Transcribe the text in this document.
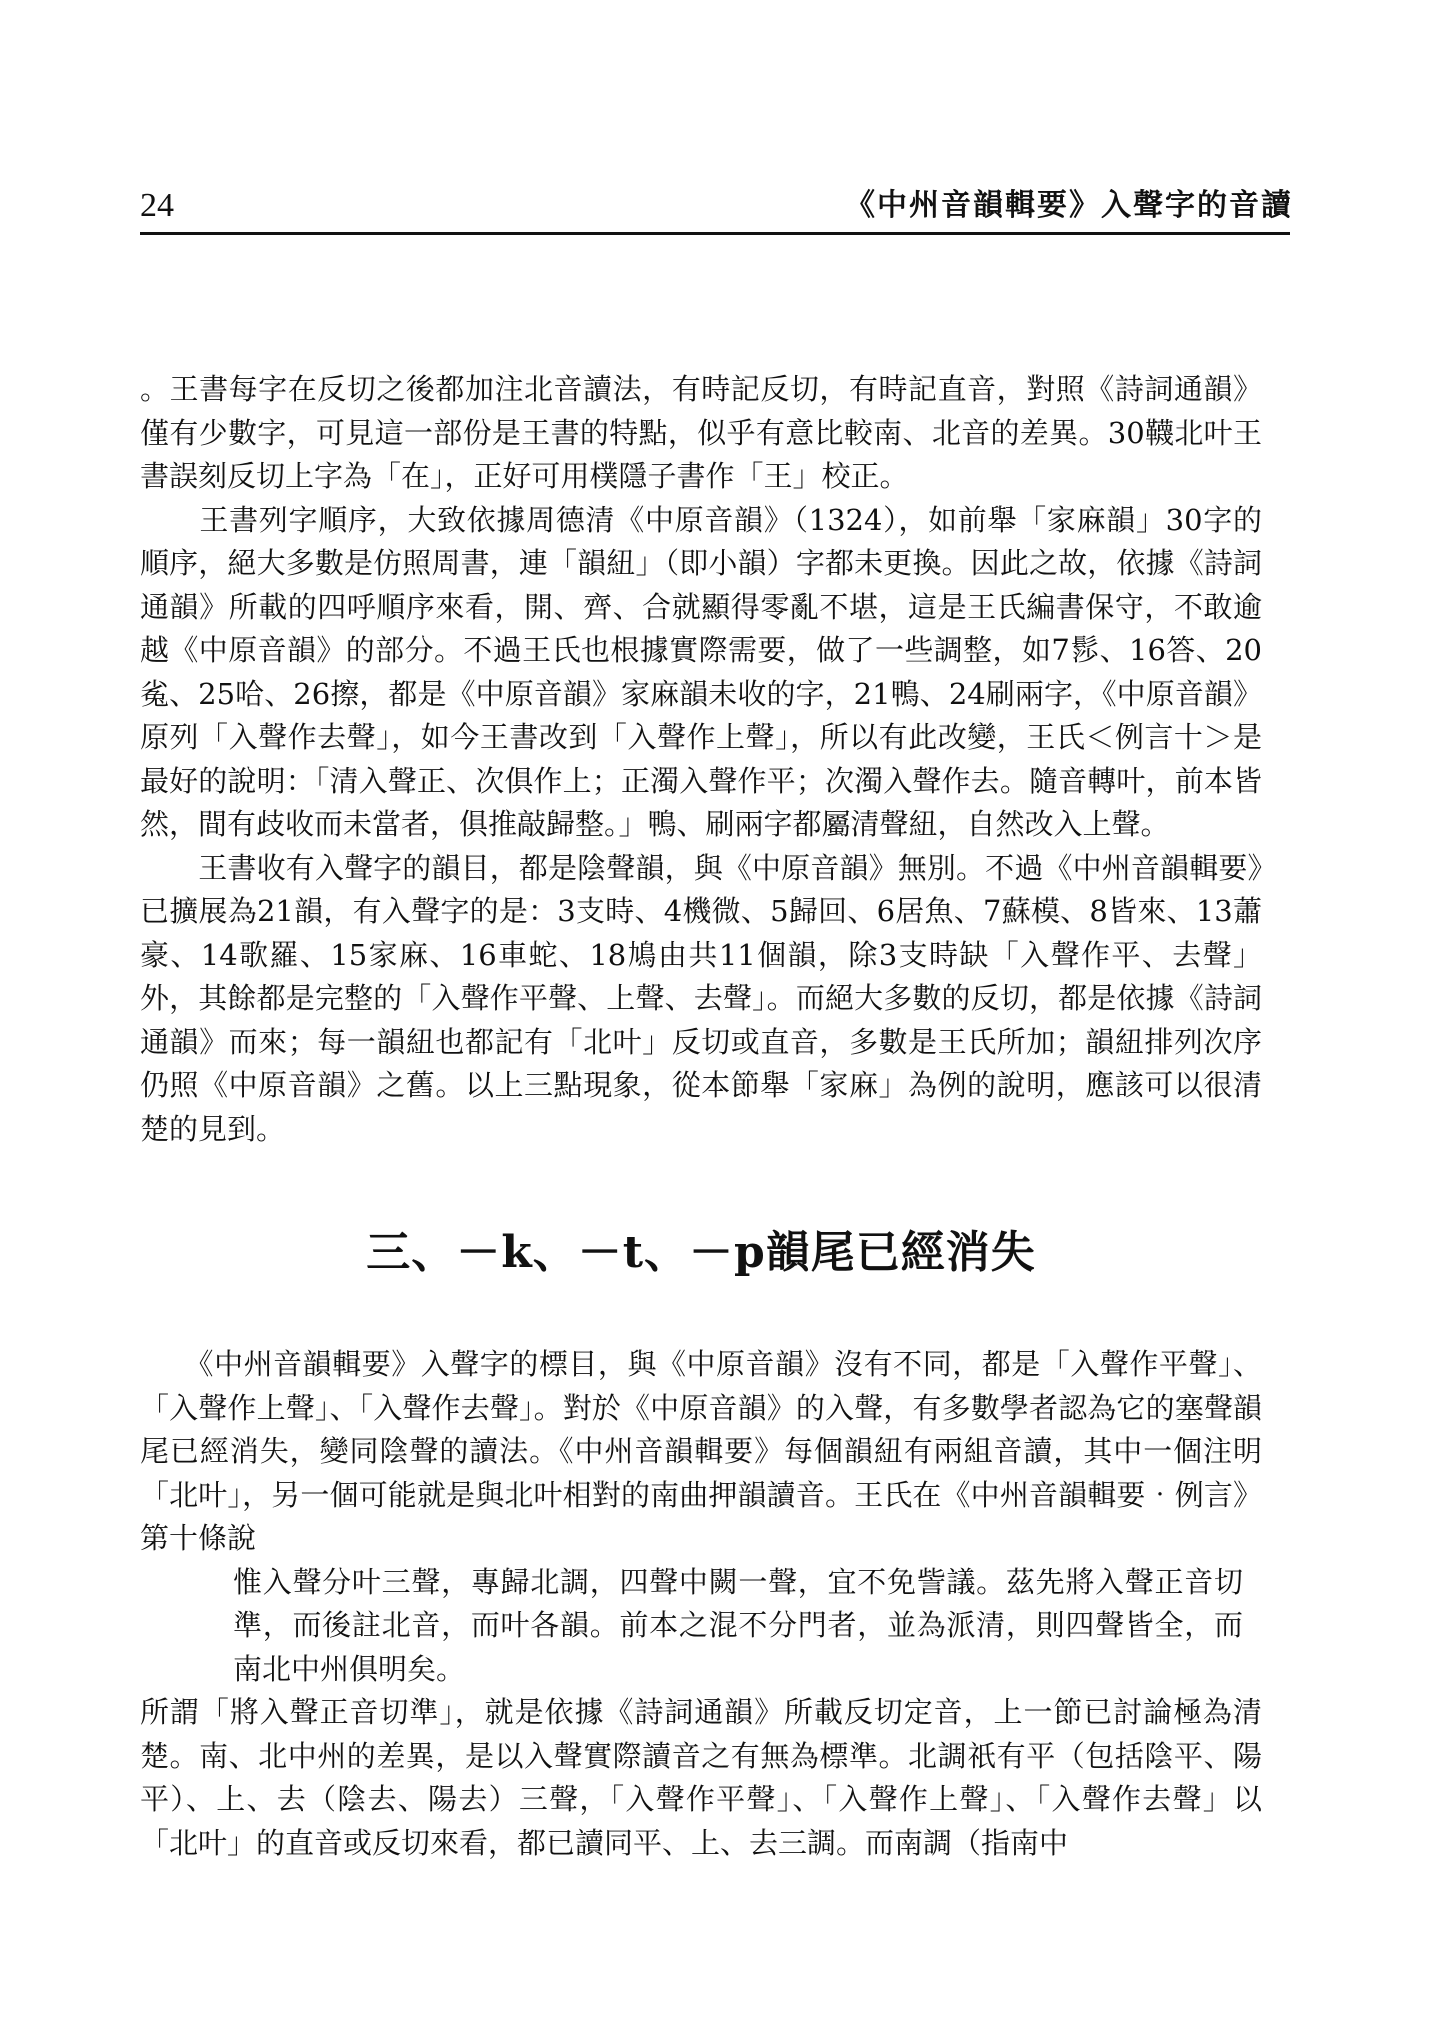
24	《中州音韻輯要》入聲字的音讀

。王書每字在反切之後都加注北音讀法，有時記反切，有時記直音，對照《詩詞通韻》僅有少數字，可見這一部份是王書的特點，似乎有意比較南、北音的差異。30韈北叶王書誤刻反切上字為「在」，正好可用樸隱子書作「王」校正。

　　王書列字順序，大致依據周德清《中原音韻》（1324），如前舉「家麻韻」30字的順序，絕大多數是仿照周書，連「韻紐」（即小韻）字都未更換。因此之故，依據《詩詞通韻》所載的四呼順序來看，開、齊、合就顯得零亂不堪，這是王氏編書保守，不敢逾越《中原音韻》的部分。不過王氏也根據實際需要，做了一些調整，如7髿、16答、20㝹、25哈、26擦，都是《中原音韻》家麻韻未收的字，21鴨、24刷兩字，《中原音韻》原列「入聲作去聲」，如今王書改到「入聲作上聲」，所以有此改變，王氏＜例言十＞是最好的說明：「清入聲正、次俱作上；正濁入聲作平；次濁入聲作去。隨音轉叶，前本皆然，間有歧收而未當者，俱推敲歸整。」鴨、刷兩字都屬清聲紐，自然改入上聲。

　　王書收有入聲字的韻目，都是陰聲韻，與《中原音韻》無別。不過《中州音韻輯要》已擴展為21韻，有入聲字的是：3支時、4機微、5歸回、6居魚、7蘇模、8皆來、13蕭豪、14歌羅、15家麻、16車蛇、18鳩由共11個韻，除3支時缺「入聲作平、去聲」外，其餘都是完整的「入聲作平聲、上聲、去聲」。而絕大多數的反切，都是依據《詩詞通韻》而來；每一韻紐也都記有「北叶」反切或直音，多數是王氏所加；韻紐排列次序仍照《中原音韻》之舊。以上三點現象，從本節舉「家麻」為例的說明，應該可以很清楚的見到。

三、－k、－t、－p韻尾已經消失

　　《中州音韻輯要》入聲字的標目，與《中原音韻》沒有不同，都是「入聲作平聲」、「入聲作上聲」、「入聲作去聲」。對於《中原音韻》的入聲，有多數學者認為它的塞聲韻尾已經消失，變同陰聲的讀法。《中州音韻輯要》每個韻紐有兩組音讀，其中一個注明「北叶」，另一個可能就是與北叶相對的南曲押韻讀音。王氏在《中州音韻輯要‧例言》第十條說

惟入聲分叶三聲，專歸北調，四聲中闕一聲，宜不免訾議。茲先將入聲正音切準，而後註北音，而叶各韻。前本之混不分門者，並為派清，則四聲皆全，而南北中州俱明矣。

所謂「將入聲正音切準」，就是依據《詩詞通韻》所載反切定音，上一節已討論極為清楚。南、北中州的差異，是以入聲實際讀音之有無為標準。北調祇有平（包括陰平、陽平）、上、去（陰去、陽去）三聲，「入聲作平聲」、「入聲作上聲」、「入聲作去聲」以「北叶」的直音或反切來看，都已讀同平、上、去三調。而南調（指南中
